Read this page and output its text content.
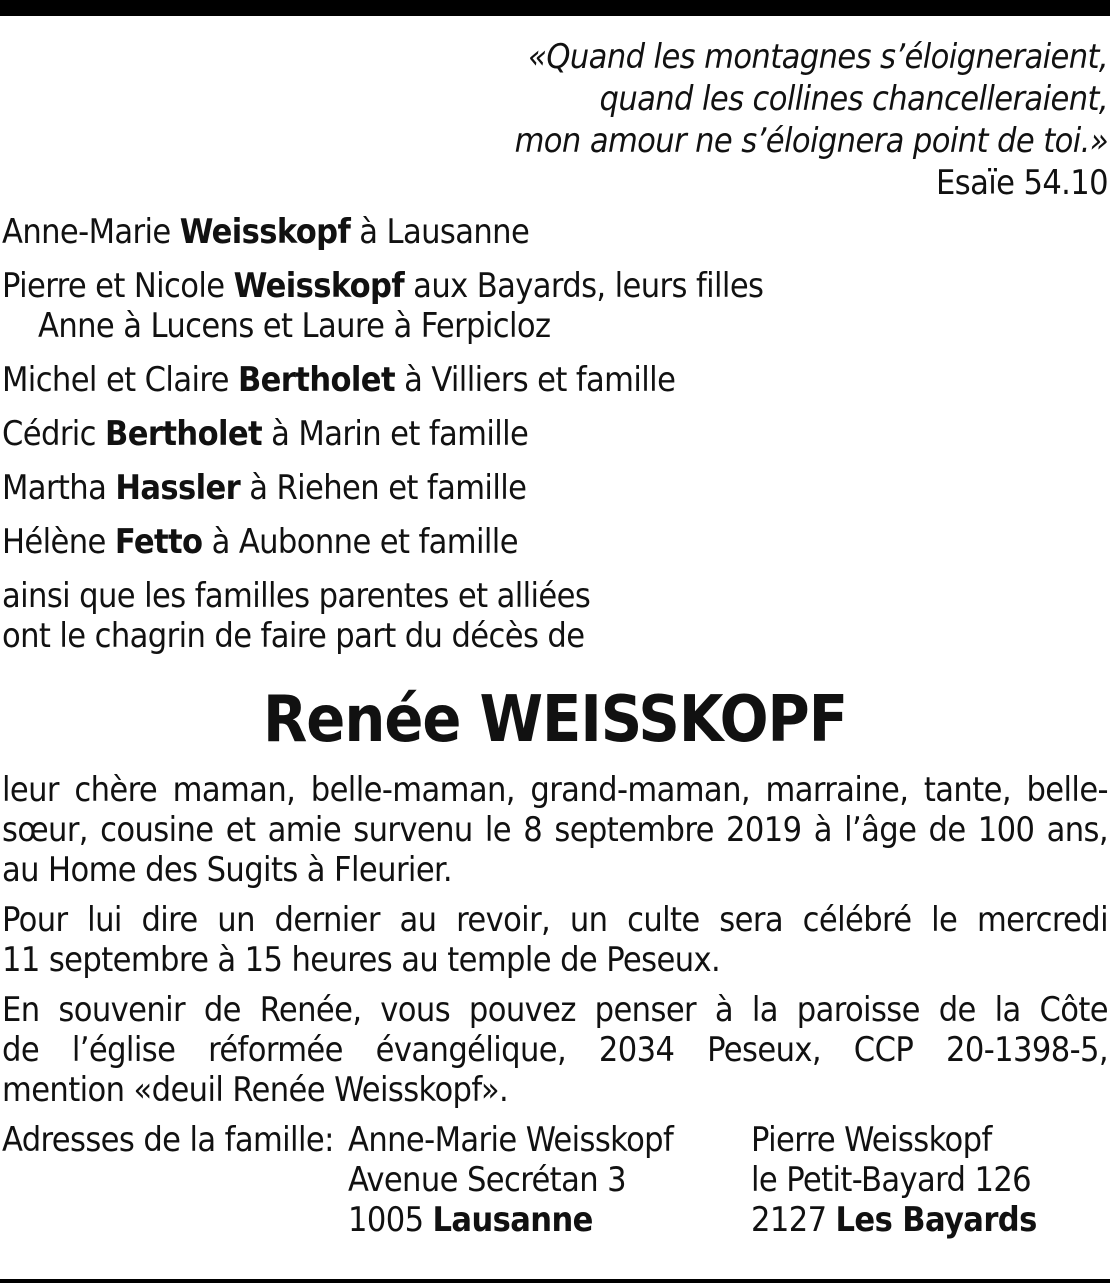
«Quand les montagnes s’éloigneraient,
quand les collines chancelleraient,
mon amour ne s’éloignera point de toi.»
Esaïe 54.10
Anne-Marie Weisskopf à Lausanne
Pierre et Nicole Weisskopf aux Bayards, leurs filles
Anne à Lucens et Laure à Ferpicloz
Michel et Claire Bertholet à Villiers et famille
Cédric Bertholet à Marin et famille
Martha Hassler à Riehen et famille
Hélène Fetto à Aubonne et famille
ainsi que les familles parentes et alliées
ont le chagrin de faire part du décès de
Renée WEISSKOPF
leur chère maman, belle-maman, grand-maman, marraine, tante, belle-
sœur, cousine et amie survenu le 8 septembre 2019 à l’âge de 100 ans,
au Home des Sugits à Fleurier.
Pour lui dire un dernier au revoir, un culte sera célébré le mercredi
11 septembre à 15 heures au temple de Peseux.
En souvenir de Renée, vous pouvez penser à la paroisse de la Côte
de l’église réformée évangélique, 2034 Peseux, CCP 20-1398-5,
mention «deuil Renée Weisskopf».
Adresses de la famille: Anne-Marie Weisskopf
Avenue Secrétan 3
1005 Lausanne
Pierre Weisskopf
le Petit-Bayard 126
2127 Les Bayards
